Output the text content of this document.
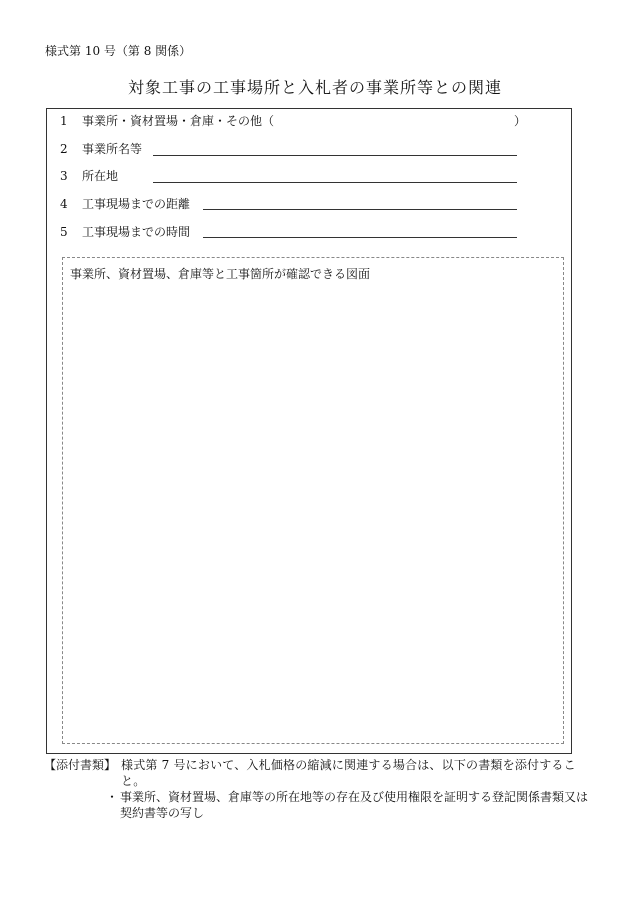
様式第 10 号（第 8 関係）
対象工事の工事場所と入札者の事業所等との関連
1 事業所・資材置場・倉庫・その他（	）
2 事業所名等
3 所在地
4 工事現場までの距離
5 工事現場までの時間
事業所、資材置場、倉庫等と工事箇所が確認できる図面
【添付書類】 様式第 7 号において、入札価格の縮減に関連する場合は、以下の書類を添付すること。
・ 事業所、資材置場、倉庫等の所在地等の存在及び使用権限を証明する登記関係書類又は契約書等の写し
